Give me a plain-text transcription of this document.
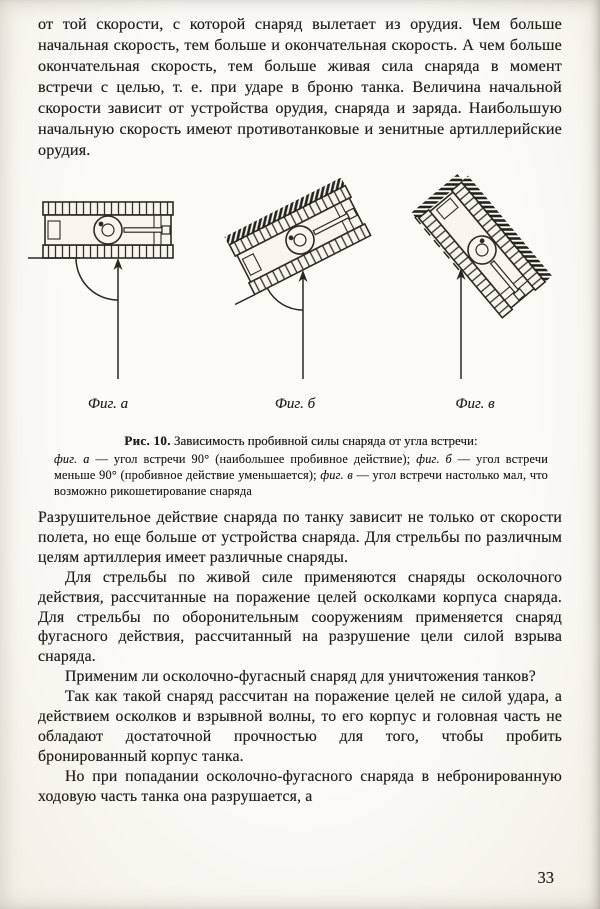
от той скорости, с которой снаряд вылетает из орудия. Чем больше начальная скорость, тем больше и окончательная скорость. А чем больше окончательная скорость, тем больше живая сила снаряда в момент встречи с целью, т. е. при ударе в броню танка. Величина начальной скорости зависит от устройства орудия, снаряда и заряда. Наибольшую начальную скорость имеют противотанковые и зенитные артиллерийские орудия.

Фиг. а	Фиг. б	Фиг. в

Рис. 10. Зависимость пробивной силы снаряда от угла встречи:

фиг. а — угол встречи 90° (наибольшее пробивное действие); фиг. б — угол встречи меньше 90° (пробивное действие уменьшается); фиг. в — угол встречи настолько мал, что возможно рикошетирование снаряда

Разрушительное действие снаряда по танку зависит не только от скорости полета, но еще больше от устройства снаряда. Для стрельбы по различным целям артиллерия имеет различные снаряды.

Для стрельбы по живой силе применяются снаряды осколочного действия, рассчитанные на поражение целей осколками корпуса снаряда. Для стрельбы по оборонительным сооружениям применяется снаряд фугасного действия, рассчитанный на разрушение цели силой взрыва снаряда.

Применим ли осколочно-фугасный снаряд для уничтожения танков?

Так как такой снаряд рассчитан на поражение целей не силой удара, а действием осколков и взрывной волны, то его корпус и головная часть не обладают достаточной прочностью для того, чтобы пробить бронированный корпус танка.

Но при попадании осколочно-фугасного снаряда в небронированную ходовую часть танка она разрушается, а

33
